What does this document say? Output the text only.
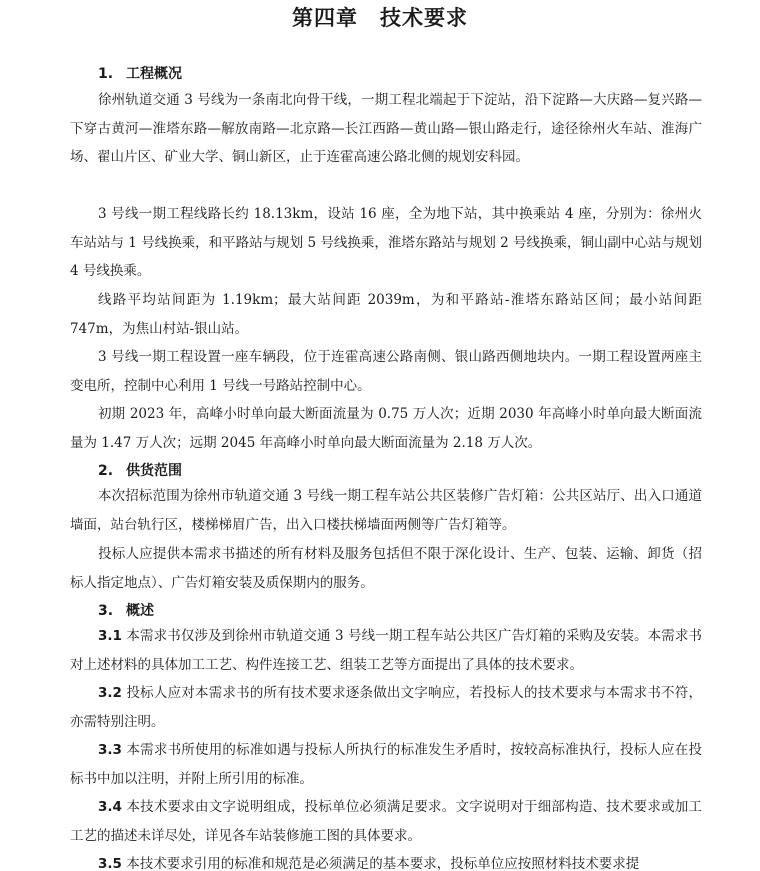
第四章　技术要求
1. 工程概况
徐州轨道交通 3 号线为一条南北向骨干线，一期工程北端起于下淀站，沿下淀路—大庆路—复兴路—下穿古黄河—淮塔东路—解放南路—北京路—长江西路—黄山路—银山路走行，途径徐州火车站、淮海广场、翟山片区、矿业大学、铜山新区，止于连霍高速公路北侧的规划安科园。
3 号线一期工程线路长约 18.13km，设站 16 座，全为地下站，其中换乘站 4 座，分别为：徐州火车站站与 1 号线换乘，和平路站与规划 5 号线换乘，淮塔东路站与规划 2 号线换乘，铜山副中心站与规划 4 号线换乘。
线路平均站间距为 1.19km；最大站间距 2039m，为和平路站-淮塔东路站区间；最小站间距 747m，为焦山村站-银山站。
3 号线一期工程设置一座车辆段，位于连霍高速公路南侧、银山路西侧地块内。一期工程设置两座主变电所，控制中心利用 1 号线一号路站控制中心。
初期 2023 年，高峰小时单向最大断面流量为 0.75 万人次；近期 2030 年高峰小时单向最大断面流量为 1.47 万人次；远期 2045 年高峰小时单向最大断面流量为 2.18 万人次。
2. 供货范围
本次招标范围为徐州市轨道交通 3 号线一期工程车站公共区装修广告灯箱：公共区站厅、出入口通道墙面，站台轨行区，楼梯梯眉广告，出入口楼扶梯墙面两侧等广告灯箱等。
投标人应提供本需求书描述的所有材料及服务包括但不限于深化设计、生产、包装、运输、卸货（招标人指定地点）、广告灯箱安装及质保期内的服务。
3. 概述
3.1 本需求书仅涉及到徐州市轨道交通 3 号线一期工程车站公共区广告灯箱的采购及安装。本需求书对上述材料的具体加工工艺、构件连接工艺、组装工艺等方面提出了具体的技术要求。
3.2 投标人应对本需求书的所有技术要求逐条做出文字响应，若投标人的技术要求与本需求书不符，亦需特别注明。
3.3 本需求书所使用的标准如遇与投标人所执行的标准发生矛盾时，按较高标准执行，投标人应在投标书中加以注明，并附上所引用的标准。
3.4 本技术要求由文字说明组成，投标单位必须满足要求。文字说明对于细部构造、技术要求或加工工艺的描述未详尽处，详见各车站装修施工图的具体要求。
3.5 本技术要求引用的标准和规范是必须满足的基本要求，投标单位应按照材料技术要求提
